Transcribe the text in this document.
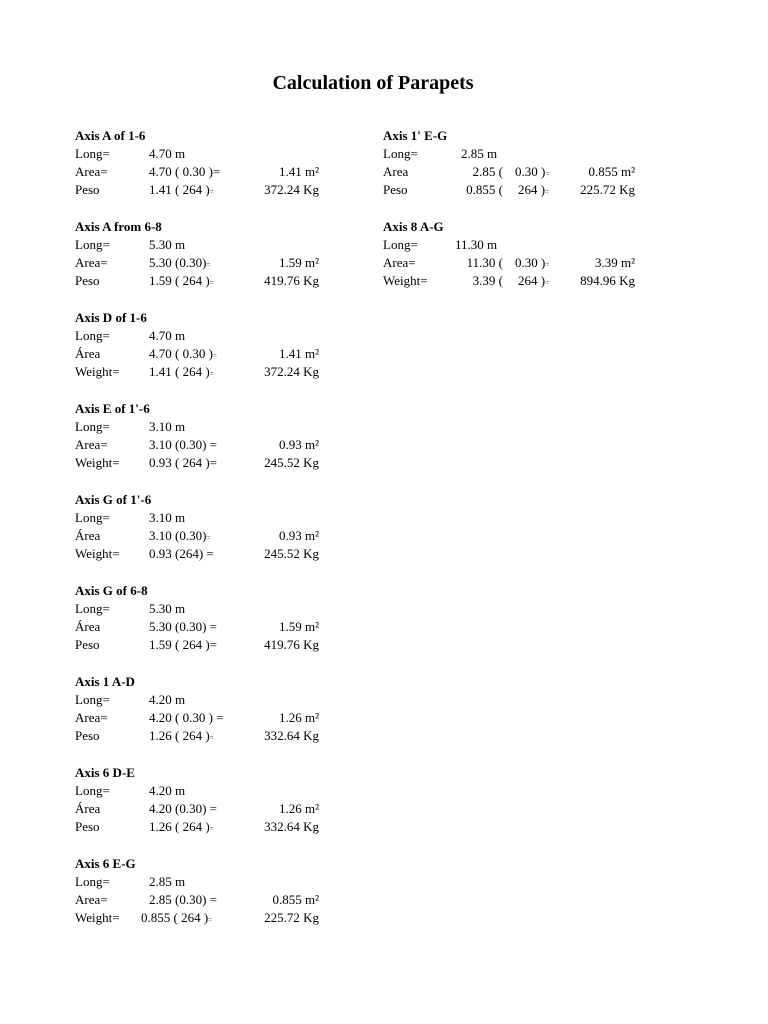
Calculation of Parapets
Axis A of 1-6
Long=	4.70 m
Area=	4.70 ( 0.30 )=	1.41 m²
Peso	1.41 ( 264 )=	372.24 Kg
Axis A from 6-8
Long=	5.30 m
Area=	5.30 (0.30)=	1.59 m²
Peso	1.59 ( 264 )=	419.76 Kg
Axis D of 1-6
Long=	4.70 m
Área	4.70 ( 0.30 )=	1.41 m²
Weight= 1.41 ( 264 )=	372.24 Kg
Axis E of 1'-6
Long=	3.10 m
Area=	3.10 (0.30) =	0.93 m²
Weight= 0.93 ( 264 )=	245.52 Kg
Axis G of 1'-6
Long=	3.10 m
Área	3.10 (0.30)=	0.93 m²
Weight= 0.93 (264) =	245.52 Kg
Axis G of 6-8
Long=	5.30 m
Área	5.30 (0.30) =	1.59 m²
Peso	1.59 ( 264 )=	419.76 Kg
Axis 1 A-D
Long=	4.20 m
Area=	4.20 ( 0.30 ) =	1.26 m²
Peso	1.26 ( 264 )=	332.64 Kg
Axis 6 D-E
Long=	4.20 m
Área	4.20 (0.30) =	1.26 m²
Peso	1.26 ( 264 )=	332.64 Kg
Axis 6 E-G
Long=	2.85 m
Area=	2.85 (0.30) =	0.855 m²
Weight= 0.855 ( 264 )=	225.72 Kg
Axis 1' E-G
Long=	2.85 m
Area	2.85 ( 0.30 )=	0.855 m²
Peso	0.855 ( 264 )= 225.72 Kg
Axis 8 A-G
Long=	11.30 m
Area=	11.30 ( 0.30 )=	3.39 m²
Weight=	3.39 ( 264 )= 894.96 Kg
